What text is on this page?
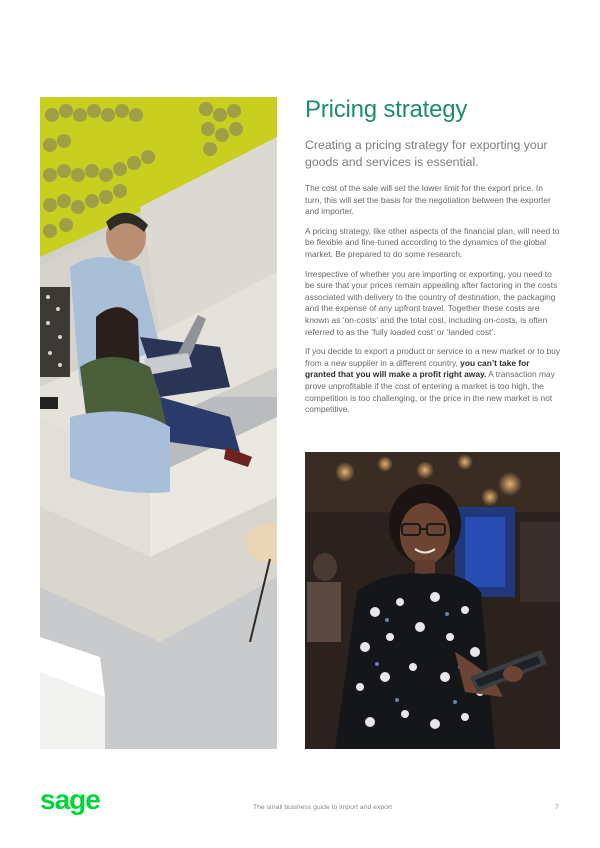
Pricing strategy

Creating a pricing strategy for exporting your goods and services is essential.

The cost of the sale will set the lower limit for the export price. In turn, this will set the basis for the negotiation between the exporter and importer.

A pricing strategy, like other aspects of the financial plan, will need to be flexible and fine-tuned according to the dynamics of the global market. Be prepared to do some research.

Irrespective of whether you are importing or exporting, you need to be sure that your prices remain appealing after factoring in the costs associated with delivery to the country of destination, the packaging and the expense of any upfront travel. Together these costs are known as ‘on-costs’ and the total cost, including on-costs, is often referred to as the ‘fully loaded cost’ or ‘landed cost’.

If you decide to export a product or service to a new market or to buy from a new supplier in a different country, you can’t take for granted that you will make a profit right away. A transaction may prove unprofitable if the cost of entering a market is too high, the competition is too challenging, or the price in the new market is not competitive.

sage	The small business guide to import and export	7
